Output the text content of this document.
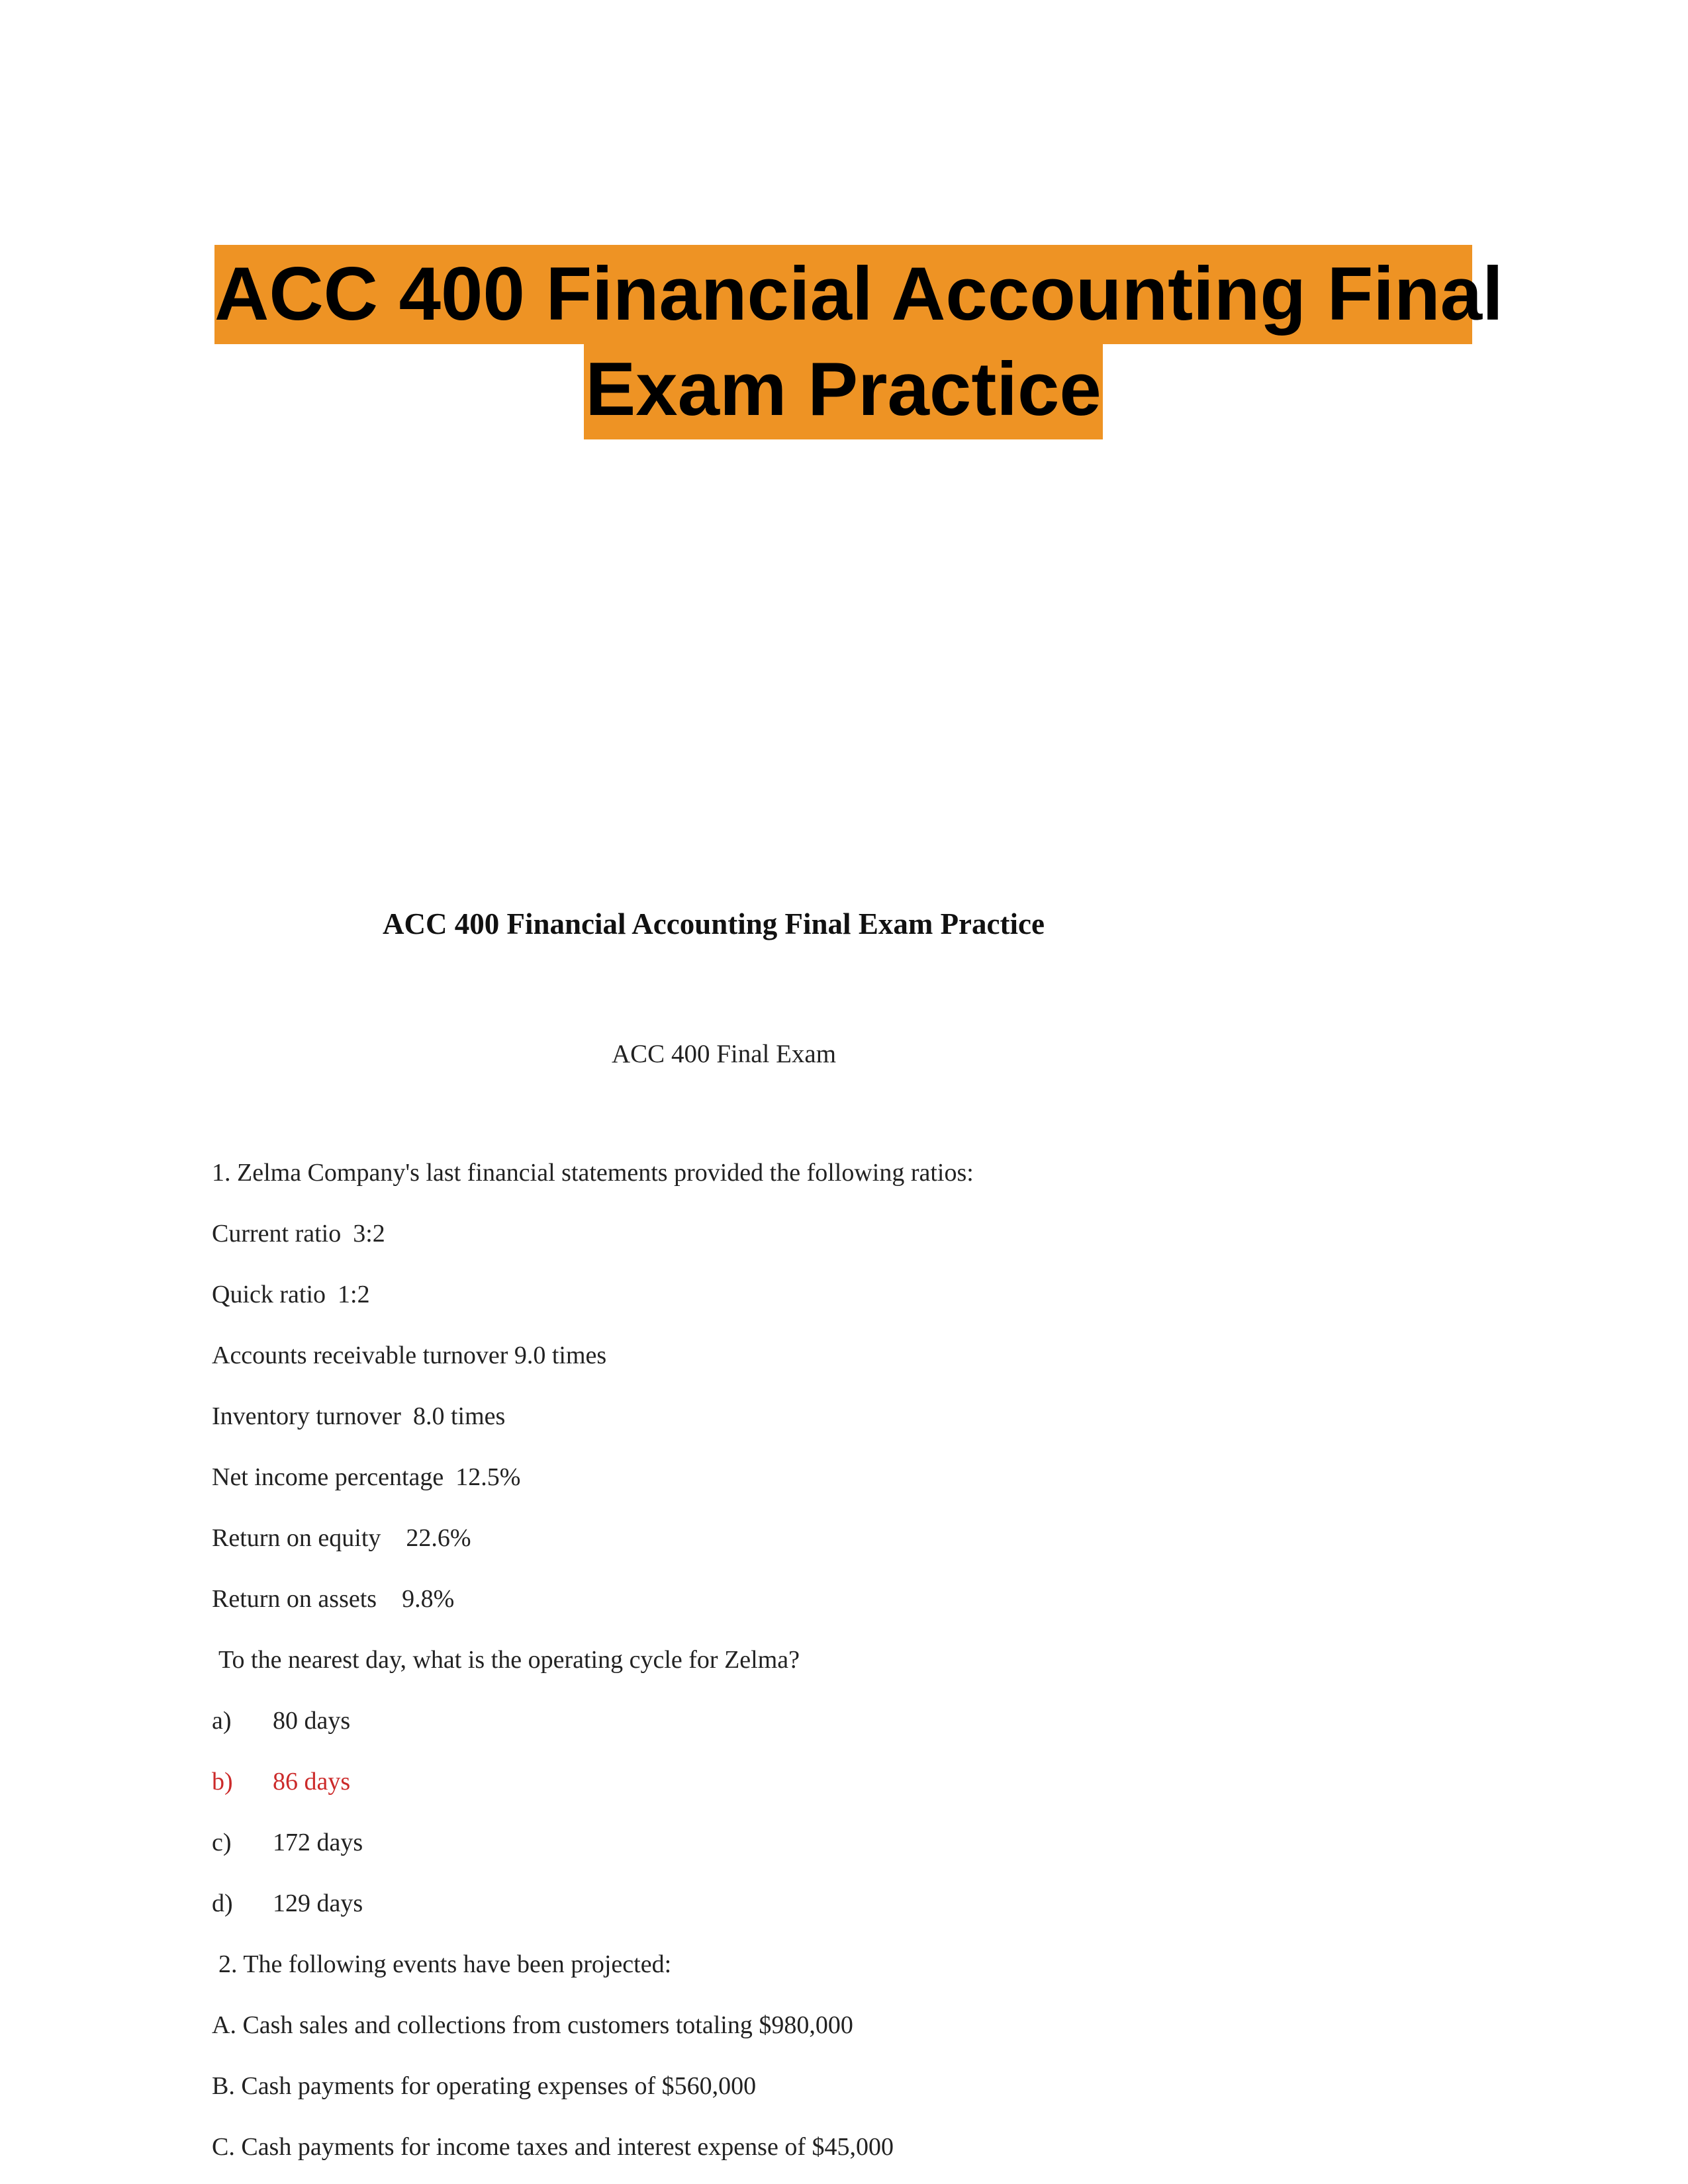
ACC 400 Financial Accounting Final
Exam Practice
ACC 400 Financial Accounting Final Exam Practice
ACC 400 Final Exam
1. Zelma Company's last financial statements provided the following ratios:
Current ratio 3:2
Quick ratio 1:2
Accounts receivable turnover 9.0 times
Inventory turnover 8.0 times
Net income percentage 12.5%
Return on equity 22.6%
Return on assets 9.8%
To the nearest day, what is the operating cycle for Zelma?
a) 80 days
b) 86 days
c) 172 days
d) 129 days
2. The following events have been projected:
A. Cash sales and collections from customers totaling $980,000
B. Cash payments for operating expenses of $560,000
C. Cash payments for income taxes and interest expense of $45,000
